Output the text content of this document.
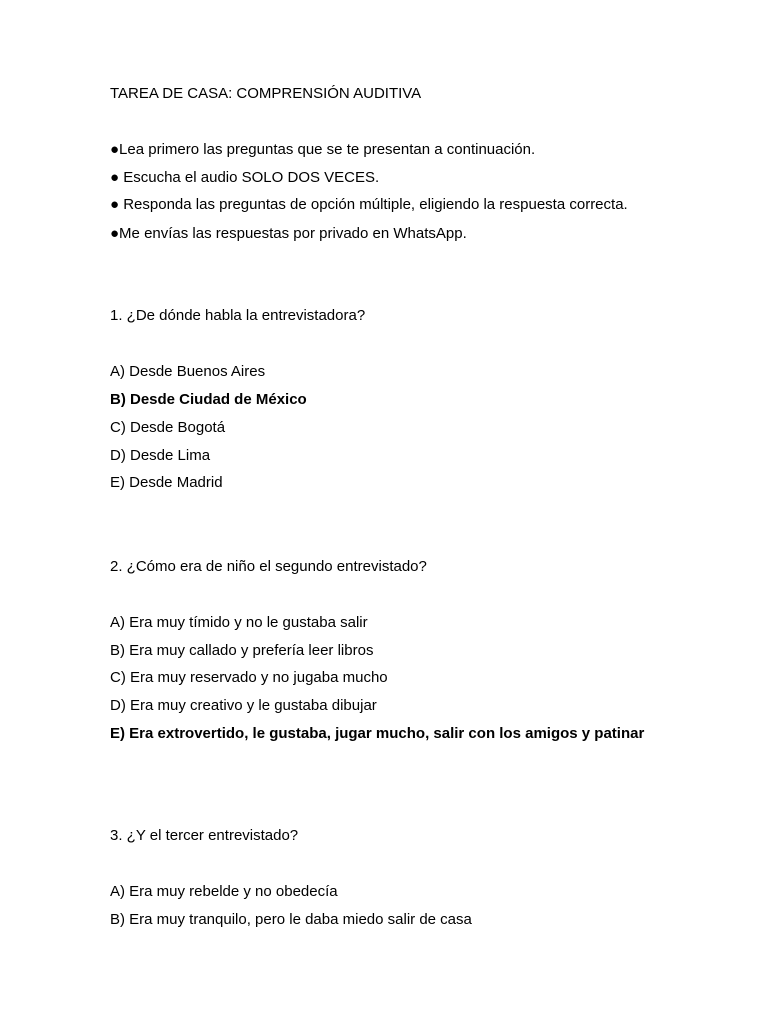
TAREA DE CASA: COMPRENSIÓN AUDITIVA
●Lea primero las preguntas que se te presentan a continuación.
● Escucha el audio SOLO DOS VECES.
● Responda las preguntas de opción múltiple, eligiendo la respuesta correcta.
●Me envías las respuestas por privado en WhatsApp.
1. ¿De dónde habla la entrevistadora?
A) Desde Buenos Aires
B) Desde Ciudad de México
C) Desde Bogotá
D) Desde Lima
E) Desde Madrid
2. ¿Cómo era de niño el segundo entrevistado?
A) Era muy tímido y no le gustaba salir
B) Era muy callado y prefería leer libros
C) Era muy reservado y no jugaba mucho
D) Era muy creativo y le gustaba dibujar
E) Era extrovertido, le gustaba, jugar mucho, salir con los amigos y patinar
3. ¿Y el tercer entrevistado?
A) Era muy rebelde y no obedecía
B) Era muy tranquilo, pero le daba miedo salir de casa
